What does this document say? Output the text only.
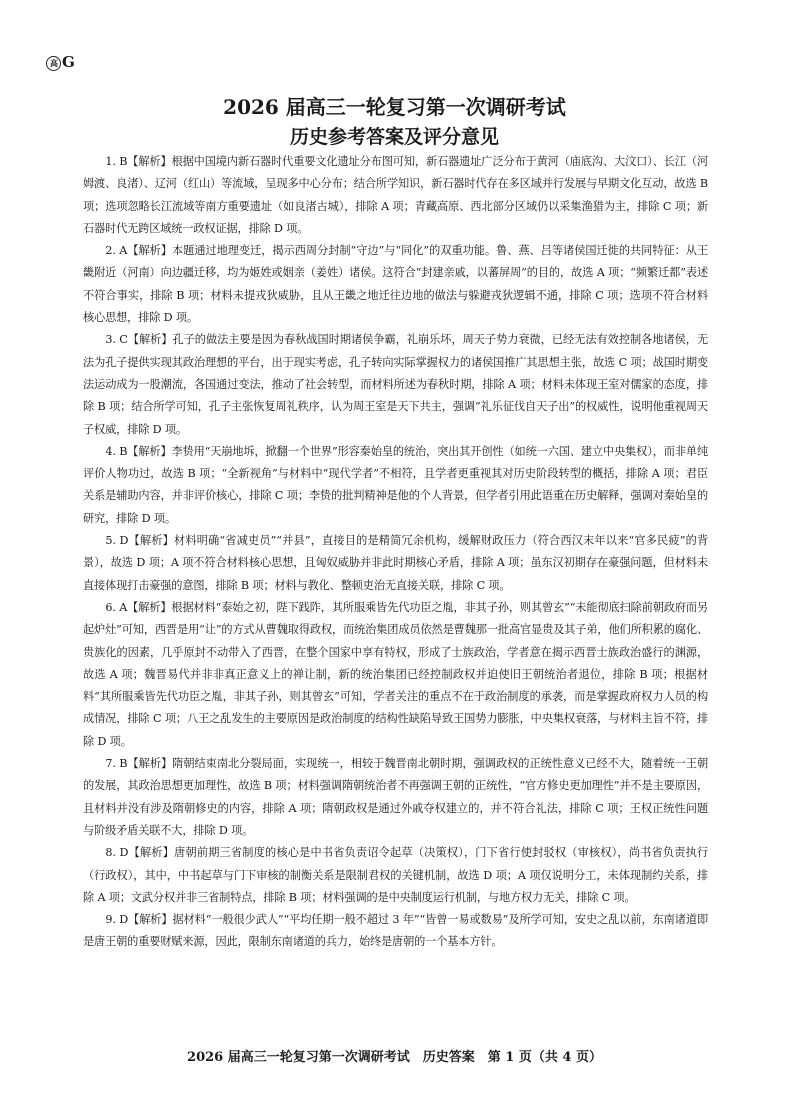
高 G
2026 届高三一轮复习第一次调研考试
历史参考答案及评分意见

1. B【解析】根据中国境内新石器时代重要文化遗址分布图可知，新石器遗址广泛分布于黄河（庙底沟、大汶口）、长江（河姆渡、良渚）、辽河（红山）等流域，呈现多中心分布；结合所学知识，新石器时代存在多区域并行发展与早期文化互动，故选 B 项；选项忽略长江流域等南方重要遗址（如良渚古城），排除 A 项；青藏高原、西北部分区域仍以采集渔猎为主，排除 C 项；新石器时代无跨区域统一政权证据，排除 D 项。

2. A【解析】本题通过地理变迁，揭示西周分封制“守边”与“同化”的双重功能。鲁、燕、吕等诸侯国迁徙的共同特征：从王畿附近（河南）向边疆迁移，均为姬姓或姻亲（姜姓）诸侯。这符合“封建亲戚，以蕃屏周”的目的，故选 A 项；“频繁迁都”表述不符合事实，排除 B 项；材料未提戎狄威胁，且从王畿之地迁往边地的做法与躲避戎狄逻辑不通，排除 C 项；选项不符合材料核心思想，排除 D 项。

3. C【解析】孔子的做法主要是因为春秋战国时期诸侯争霸，礼崩乐坏，周天子势力衰微，已经无法有效控制各地诸侯，无法为孔子提供实现其政治理想的平台，出于现实考虑，孔子转向实际掌握权力的诸侯国推广其思想主张，故选 C 项；战国时期变法运动成为一股潮流，各国通过变法，推动了社会转型，而材料所述为春秋时期，排除 A 项；材料未体现王室对儒家的态度，排除 B 项；结合所学可知，孔子主张恢复周礼秩序，认为周王室是天下共主，强调“礼乐征伐自天子出”的权威性，说明他重视周天子权威，排除 D 项。

4. B【解析】李贽用“天崩地坼，掀翻一个世界”形容秦始皇的统治，突出其开创性（如统一六国、建立中央集权），而非单纯评价人物功过，故选 B 项；“全新视角”与材料中“现代学者”不相符，且学者更重视其对历史阶段转型的概括，排除 A 项；君臣关系是辅助内容，并非评价核心，排除 C 项；李贽的批判精神是他的个人背景，但学者引用此语重在历史解释，强调对秦始皇的研究，排除 D 项。

5. D【解析】材料明确“省减吏员”“并县”，直接目的是精简冗余机构，缓解财政压力（符合西汉末年以来“官多民疲”的背景），故选 D 项；A 项不符合材料核心思想，且匈奴威胁并非此时期核心矛盾，排除 A 项；虽东汉初期存在豪强问题，但材料未直接体现打击豪强的意图，排除 B 项；材料与教化、整顿吏治无直接关联，排除 C 项。

6. A【解析】根据材料“泰始之初，陛下践阼，其所服乘皆先代功臣之胤，非其子孙，则其曾玄”“未能彻底扫除前朝政府而另起炉灶”可知，西晋是用“让”的方式从曹魏取得政权，而统治集团成员依然是曹魏那一批高官显贵及其子弟，他们所积累的腐化、贵族化的因素，几乎原封不动带入了西晋，在整个国家中享有特权，形成了士族政治，学者意在揭示西晋士族政治盛行的渊源，故选 A 项；魏晋易代并非非真正意义上的禅让制，新的统治集团已经控制政权并迫使旧王朝统治者退位，排除 B 项；根据材料“其所服乘皆先代功臣之胤，非其子孙，则其曾玄”可知，学者关注的重点不在于政治制度的承袭，而是掌握政府权力人员的构成情况，排除 C 项；八王之乱发生的主要原因是政治制度的结构性缺陷导致王国势力膨胀，中央集权衰落，与材料主旨不符，排除 D 项。

7. B【解析】隋朝结束南北分裂局面，实现统一，相较于魏晋南北朝时期，强调政权的正统性意义已经不大，随着统一王朝的发展，其政治思想更加理性，故选 B 项；材料强调隋朝统治者不再强调王朝的正统性，“官方修史更加理性”并不是主要原因，且材料并没有涉及隋朝修史的内容，排除 A 项；隋朝政权是通过外戚夺权建立的，并不符合礼法，排除 C 项；王权正统性问题与阶级矛盾关联不大，排除 D 项。

8. D【解析】唐朝前期三省制度的核心是中书省负责诏令起草（决策权），门下省行使封驳权（审核权），尚书省负责执行（行政权），其中，中书起草与门下审核的制衡关系是限制君权的关键机制，故选 D 项；A 项仅说明分工，未体现制约关系，排除 A 项；文武分权并非三省制特点，排除 B 项；材料强调的是中央制度运行机制，与地方权力无关，排除 C 项。

9. D【解析】据材料“一般很少武人”“平均任期一般不超过 3 年”“皆曾一易或数易”及所学可知，安史之乱以前，东南诸道即是唐王朝的重要财赋来源，因此，限制东南诸道的兵力，始终是唐朝的一个基本方针。

2026 届高三一轮复习第一次调研考试　历史答案　第 1 页（共 4 页）
